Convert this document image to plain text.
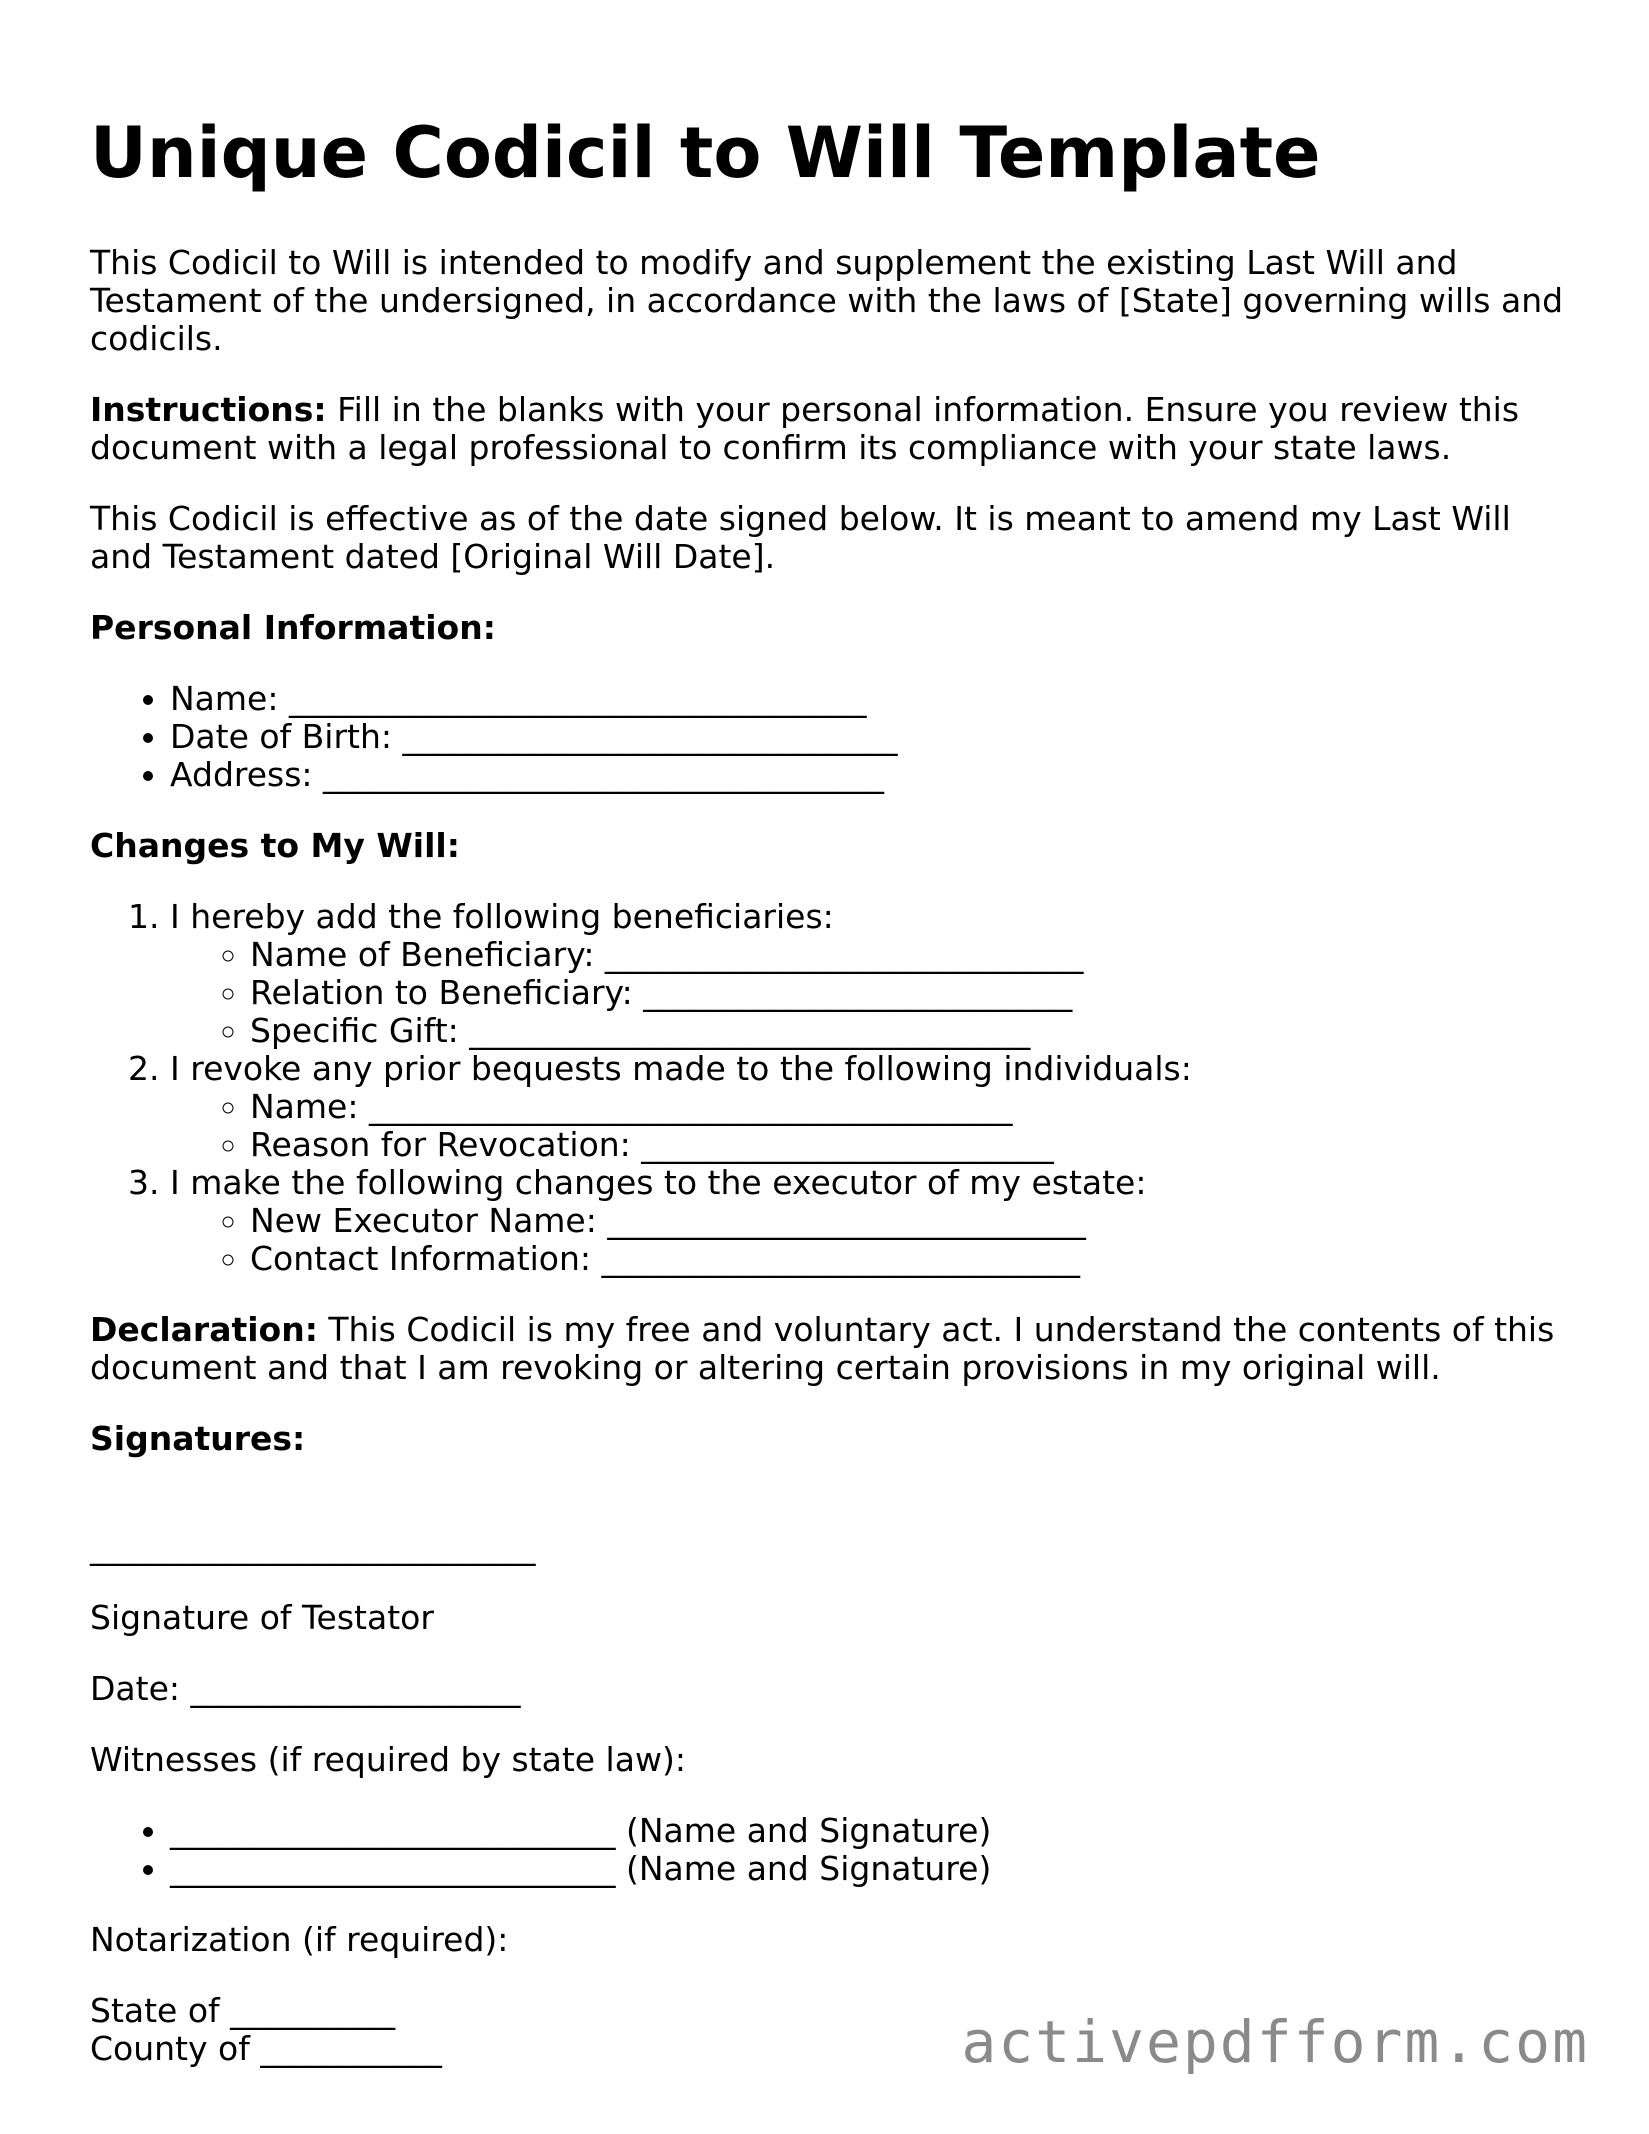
Unique Codicil to Will Template

This Codicil to Will is intended to modify and supplement the existing Last Will and Testament of the undersigned, in accordance with the laws of [State] governing wills and codicils.

Instructions: Fill in the blanks with your personal information. Ensure you review this document with a legal professional to confirm its compliance with your state laws.

This Codicil is effective as of the date signed below. It is meant to amend my Last Will and Testament dated [Original Will Date].

Personal Information:
• Name: ___________________________________
• Date of Birth: ______________________________
• Address: __________________________________
Changes to My Will:
1. I hereby add the following beneficiaries:
◦ Name of Beneficiary: _____________________________
◦ Relation to Beneficiary: __________________________
◦ Specific Gift: __________________________________
2. I revoke any prior bequests made to the following individuals:
◦ Name: _______________________________________
◦ Reason for Revocation: _________________________
3. I make the following changes to the executor of my estate:
◦ New Executor Name: _____________________________
◦ Contact Information: _____________________________

Declaration: This Codicil is my free and voluntary act. I understand the contents of this document and that I am revoking or altering certain provisions in my original will.

Signatures:

___________________________

Signature of Testator

Date: ____________________

Witnesses (if required by state law):

• ___________________________ (Name and Signature)
• ___________________________ (Name and Signature)

Notarization (if required):

State of __________

County of ___________	activepdfform.com
